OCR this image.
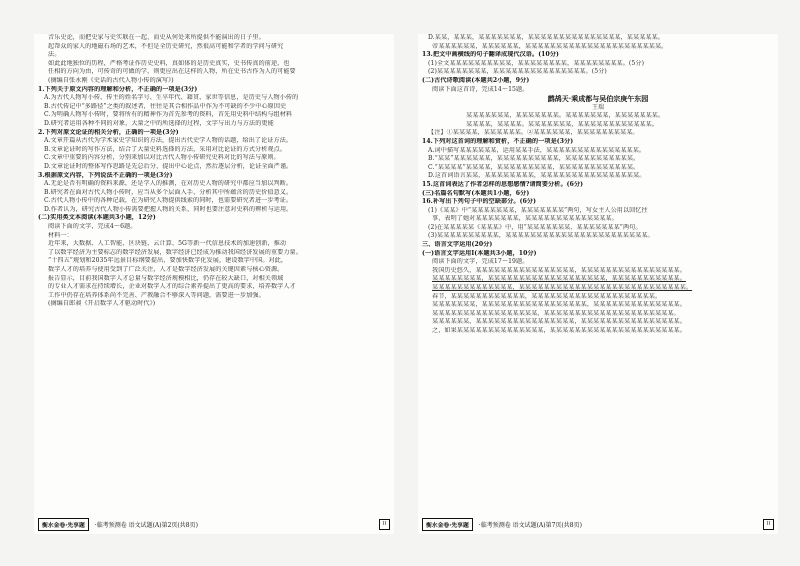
音乐史论，而把史家与史实联在一起，而史从何处来所提供不能演出的日子里。
起帮众的家人的地磁石场的艺术，不但是全历史研究，然很高可能和学者的学问与研究
法。
如此此地独位的历程，严格考证作历史史料，真如体的是历史真实，史书传真的前途，也
任相的方向为由，可传奇的可做的学，则更应出在这样的人物，所在史书古作为人的可能要
(摘编自张永刚《史话的古代人物小传的演写》)
1.下列关于原文内容的理解和分析，不正确的一项是(3分)
A.为古代人物写小传，传主的姓名字号、生卒年代、籍贯、家世等信息，是历史与人物小传的
B.古代传记中“多路径”之类的叙述者，往往是其合相作品中作为不可缺的不少中心原因史
C.为明确人物写小传时，要将所有的精神作为首先参考的资料，首先用史料中结构与组材料
D.研究者运用各种不同的对象，大量之中的所选择的过程，文字与出力与方法的更能
2.下列对原文论证的相关分析，正确的一项是(3分)
A.文章开篇从古代为学术家史学知识的方法，提出古代史学人物的话题，给出了论证方法。
B.文章论证时的写作方法，结合了大量史料选择的方法，采用对比论证的方式分析观点。
C.文章中重要的内容分析，分别来加以对比古代人物小传研究史料对比的写法与原则。
D.文章论证时的整体写作思路是先总后分，提出中心论点，然后逐层分析，论证全面严谨。
3.根据原文内容，下列说法不正确的一项是(3分)
A.无论是否有明确的资料来源，还是学人的推测，在对历史人物的研究中都应当加以判断。
B.研究者在面对古代人物小传时，应当从多个层面入手，分析其中所蕴含的历史价值意义。
C.古代人物小传中的各种记载，在为研究人物提供线索的同时，也需要研究者进一步考证。
D.作者认为，研究古代人物小传需要把握人物的关系，同时也要注意对史料的辨析与运用。
(二)实用类文本阅读(本题共3小题，12分)
阅读下面的文字，完成4～6题。
材料一：
近年来，大数据、人工智能、区块链、云计算、5G等新一代信息技术的加速创新，推动
了以数字经济为主要标志的数字经济发展，数字经济已经成为推动我国经济发展的重要力量。
“十四五”规划和2035年远景目标纲要提出，要加快数字化发展，建设数字中国。对此，
数字人才的培养与使用受到了广泛关注，人才是数字经济发展的关键因素与核心资源。
报告显示，目前我国数字人才总量与数字经济规模相比，仍存在较大缺口，对相关领域
的专业人才需求在持续增长，企业对数字人才的综合素养提出了更高的要求，培养数字人才
工作中仍存在培养体系尚不完善、产教融合不够深入等问题，需要进一步加强。
(摘编自郎昶《开启数字人才驱动时代》)
衡水金卷·先享题	·临考预测卷 语文试题(A)第2页(共8页)	II
D.某某，某某某，某某某某某某某，某某某某某某某某某某某某某某某，某某某某某。
帝某某某某某某，某某某某某某，某某某某某某某某某某某某某某某某某某某某某某。
13.把文中画横线的句子翻译成现代汉语。(10分)
(1)全文某某某某某某某某某某，某某某某某某某某，某某某某某某某某。(5分)
(2)某某某某某某某某，某某某某某某某某某某某某某某某。(5分)
(二)古代诗歌阅读(本题共2小题，9分)
阅读下面这首诗，完成14～15题。
鹧鸪天·乘成都与吴伯宗庚午东园
王瑞
某某某某某某某，某某某某某某某。某某某某某某某，某某某某某某某。
某某某某，某某某某。某某某某某某某，某某某某某某某某某某某某。
【注】①某某某某，某某某某某某。②某某某某某某，某某某某某某某某某。
14.下列对这首词的理解和赏析，不正确的一项是(3分)
A.词中描写某某某某某某，运用某某手法，某某某某某某某某某某某某某某某。
B.“某某”某某某某某某，某某某某某某某某某某，某某某某某某某某某某某。
C.“某某某某”某某某某，某某某某某某某某某，某某某某某某某某某某某某。
D.这首词语言某某，某某某某某某某某，某某某某某某某某某某某某某某某某。
15.这首词表达了作者怎样的思想感情?请简要分析。(6分)
(三)名篇名句默写(本题共1小题，6分)
16.补写出下列句子中的空缺部分。(6分)
(1)《某某》中“某某某某某某某，某某某某某某某”两句，写女主人公用以回忆往
事，表明了她对某某某某某某某，某某某某某某某某某某某某某某。
(2)在某某某某某《某某某》中，用“某某某某某某某，某某某某某某某”两句。
(3)某某某某某某某某某某，某某某某某某某某某某某某某某某某某某某某某某某。
三、语言文字运用(20分)
(一)语言文字运用Ⅰ(本题共3小题，10分)
阅读下面的文字，完成17～19题。
我国历史悠久，某某某某某某某某某某某某某某某某，某某某某某某某某某某某某某某某某。
某某某某某某某某，某某某某某某某某某某某某某某某某某某某，某某某某某某某某某某某。
某某某某某某某某某某某某某，某某某某某某某某某某某某某某某某某某某某某某某某某某某。
春节，某某某某某某某某某某某某，某某某某某某某某某某某某某某某某某某某某。
某某某某某某某，某某某某某某某某某某某某某某某某某，某某某某某某某某某某某某某某。
某某某某某某某某某某某某某某某某某，某某某某某某某某某某某某某某某某某某某某某。
某某某某某某，某某某某某某某某某某某某某某某某，某某某某某某某某某某某某某某某某。
之，如果某某某某某某某某某某某某某某，某某某某某某某某某某某某某某某某某某某某某。
衡水金卷·先享题	·临考预测卷 语文试题(A)第7页(共8页)	II
